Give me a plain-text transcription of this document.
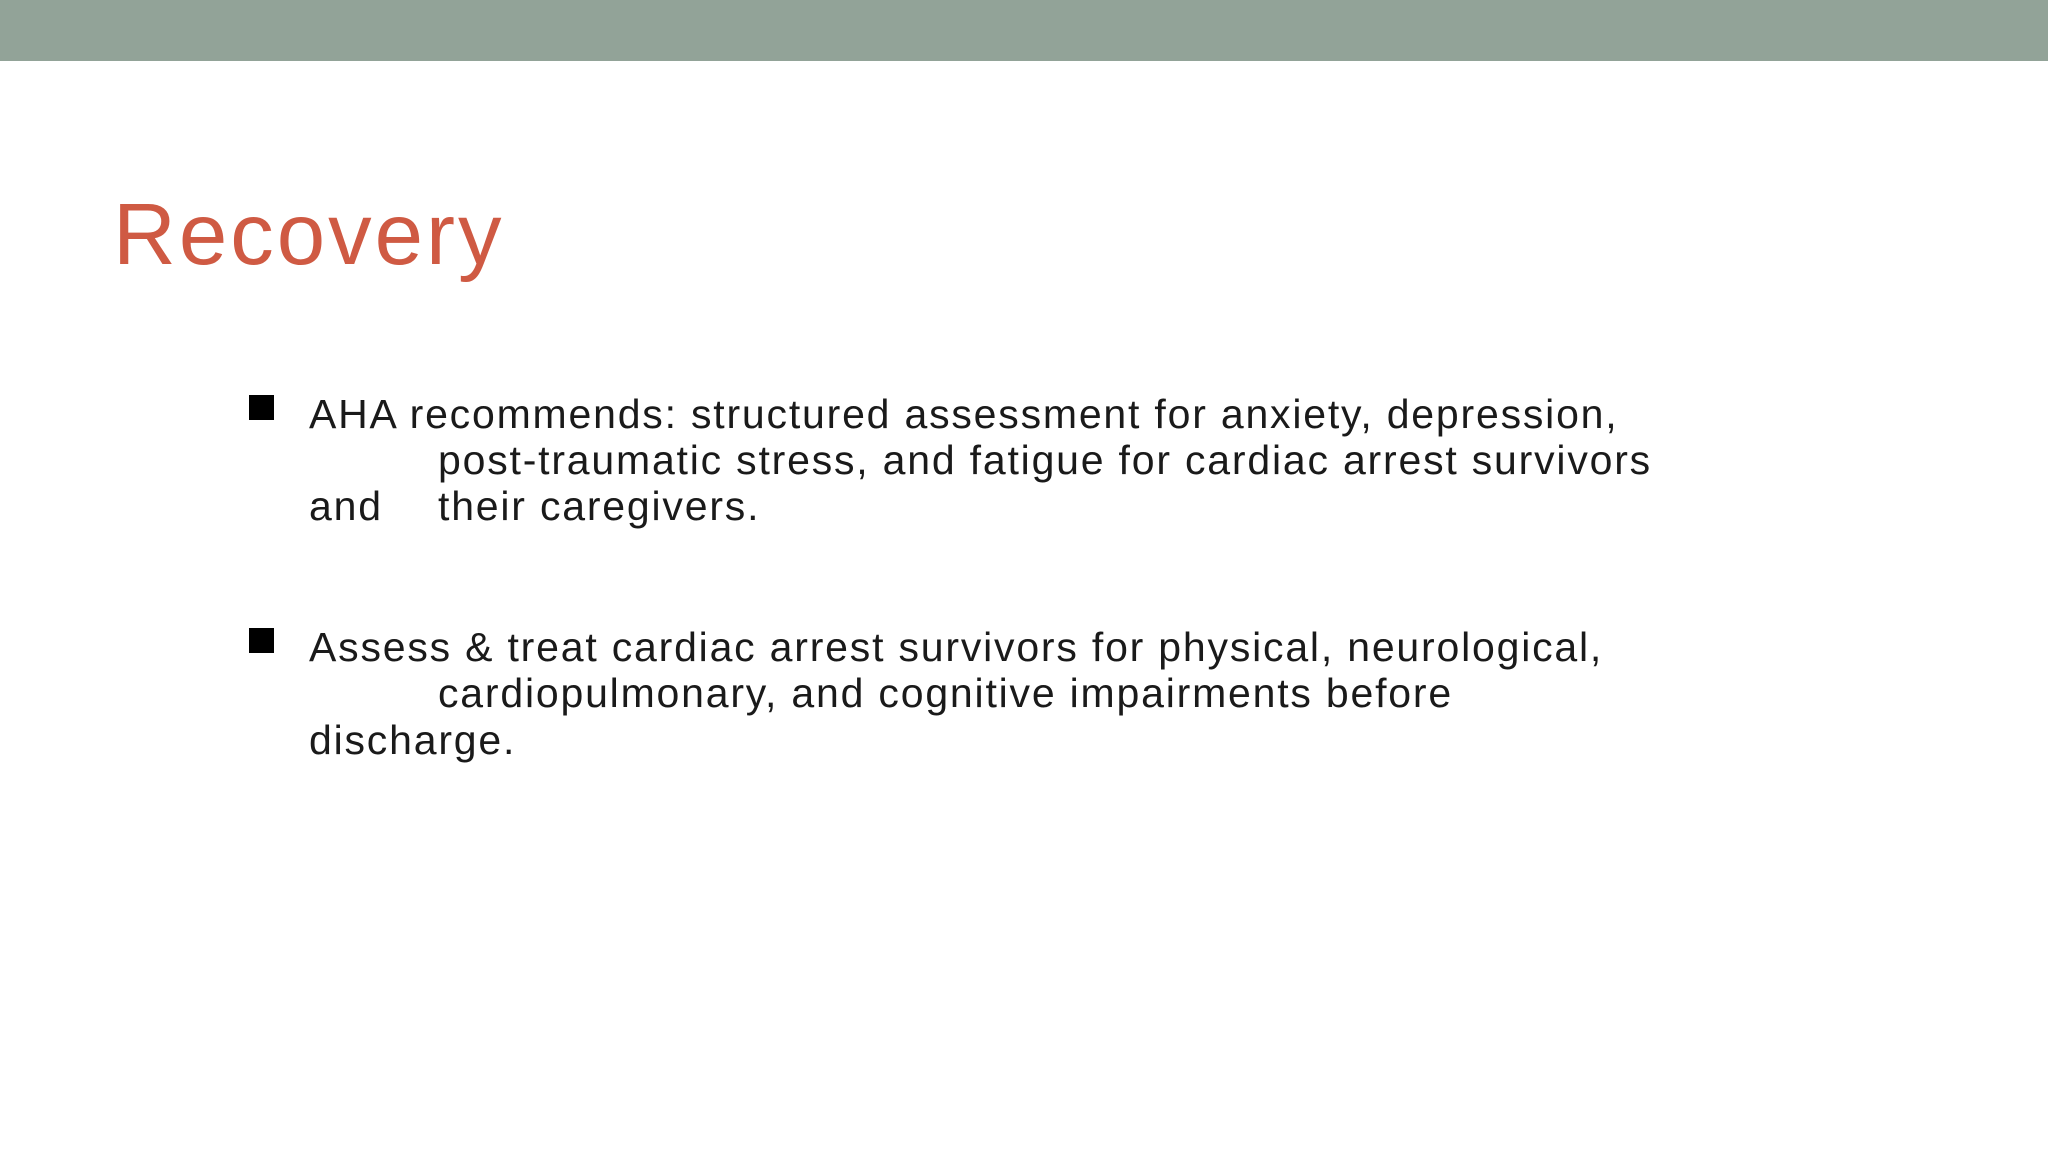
Recovery
AHA recommends: structured assessment for anxiety, depression,
post-traumatic stress, and fatigue for cardiac arrest survivors
and their caregivers.
Assess & treat cardiac arrest survivors for physical, neurological,
cardiopulmonary, and cognitive impairments before
discharge.
